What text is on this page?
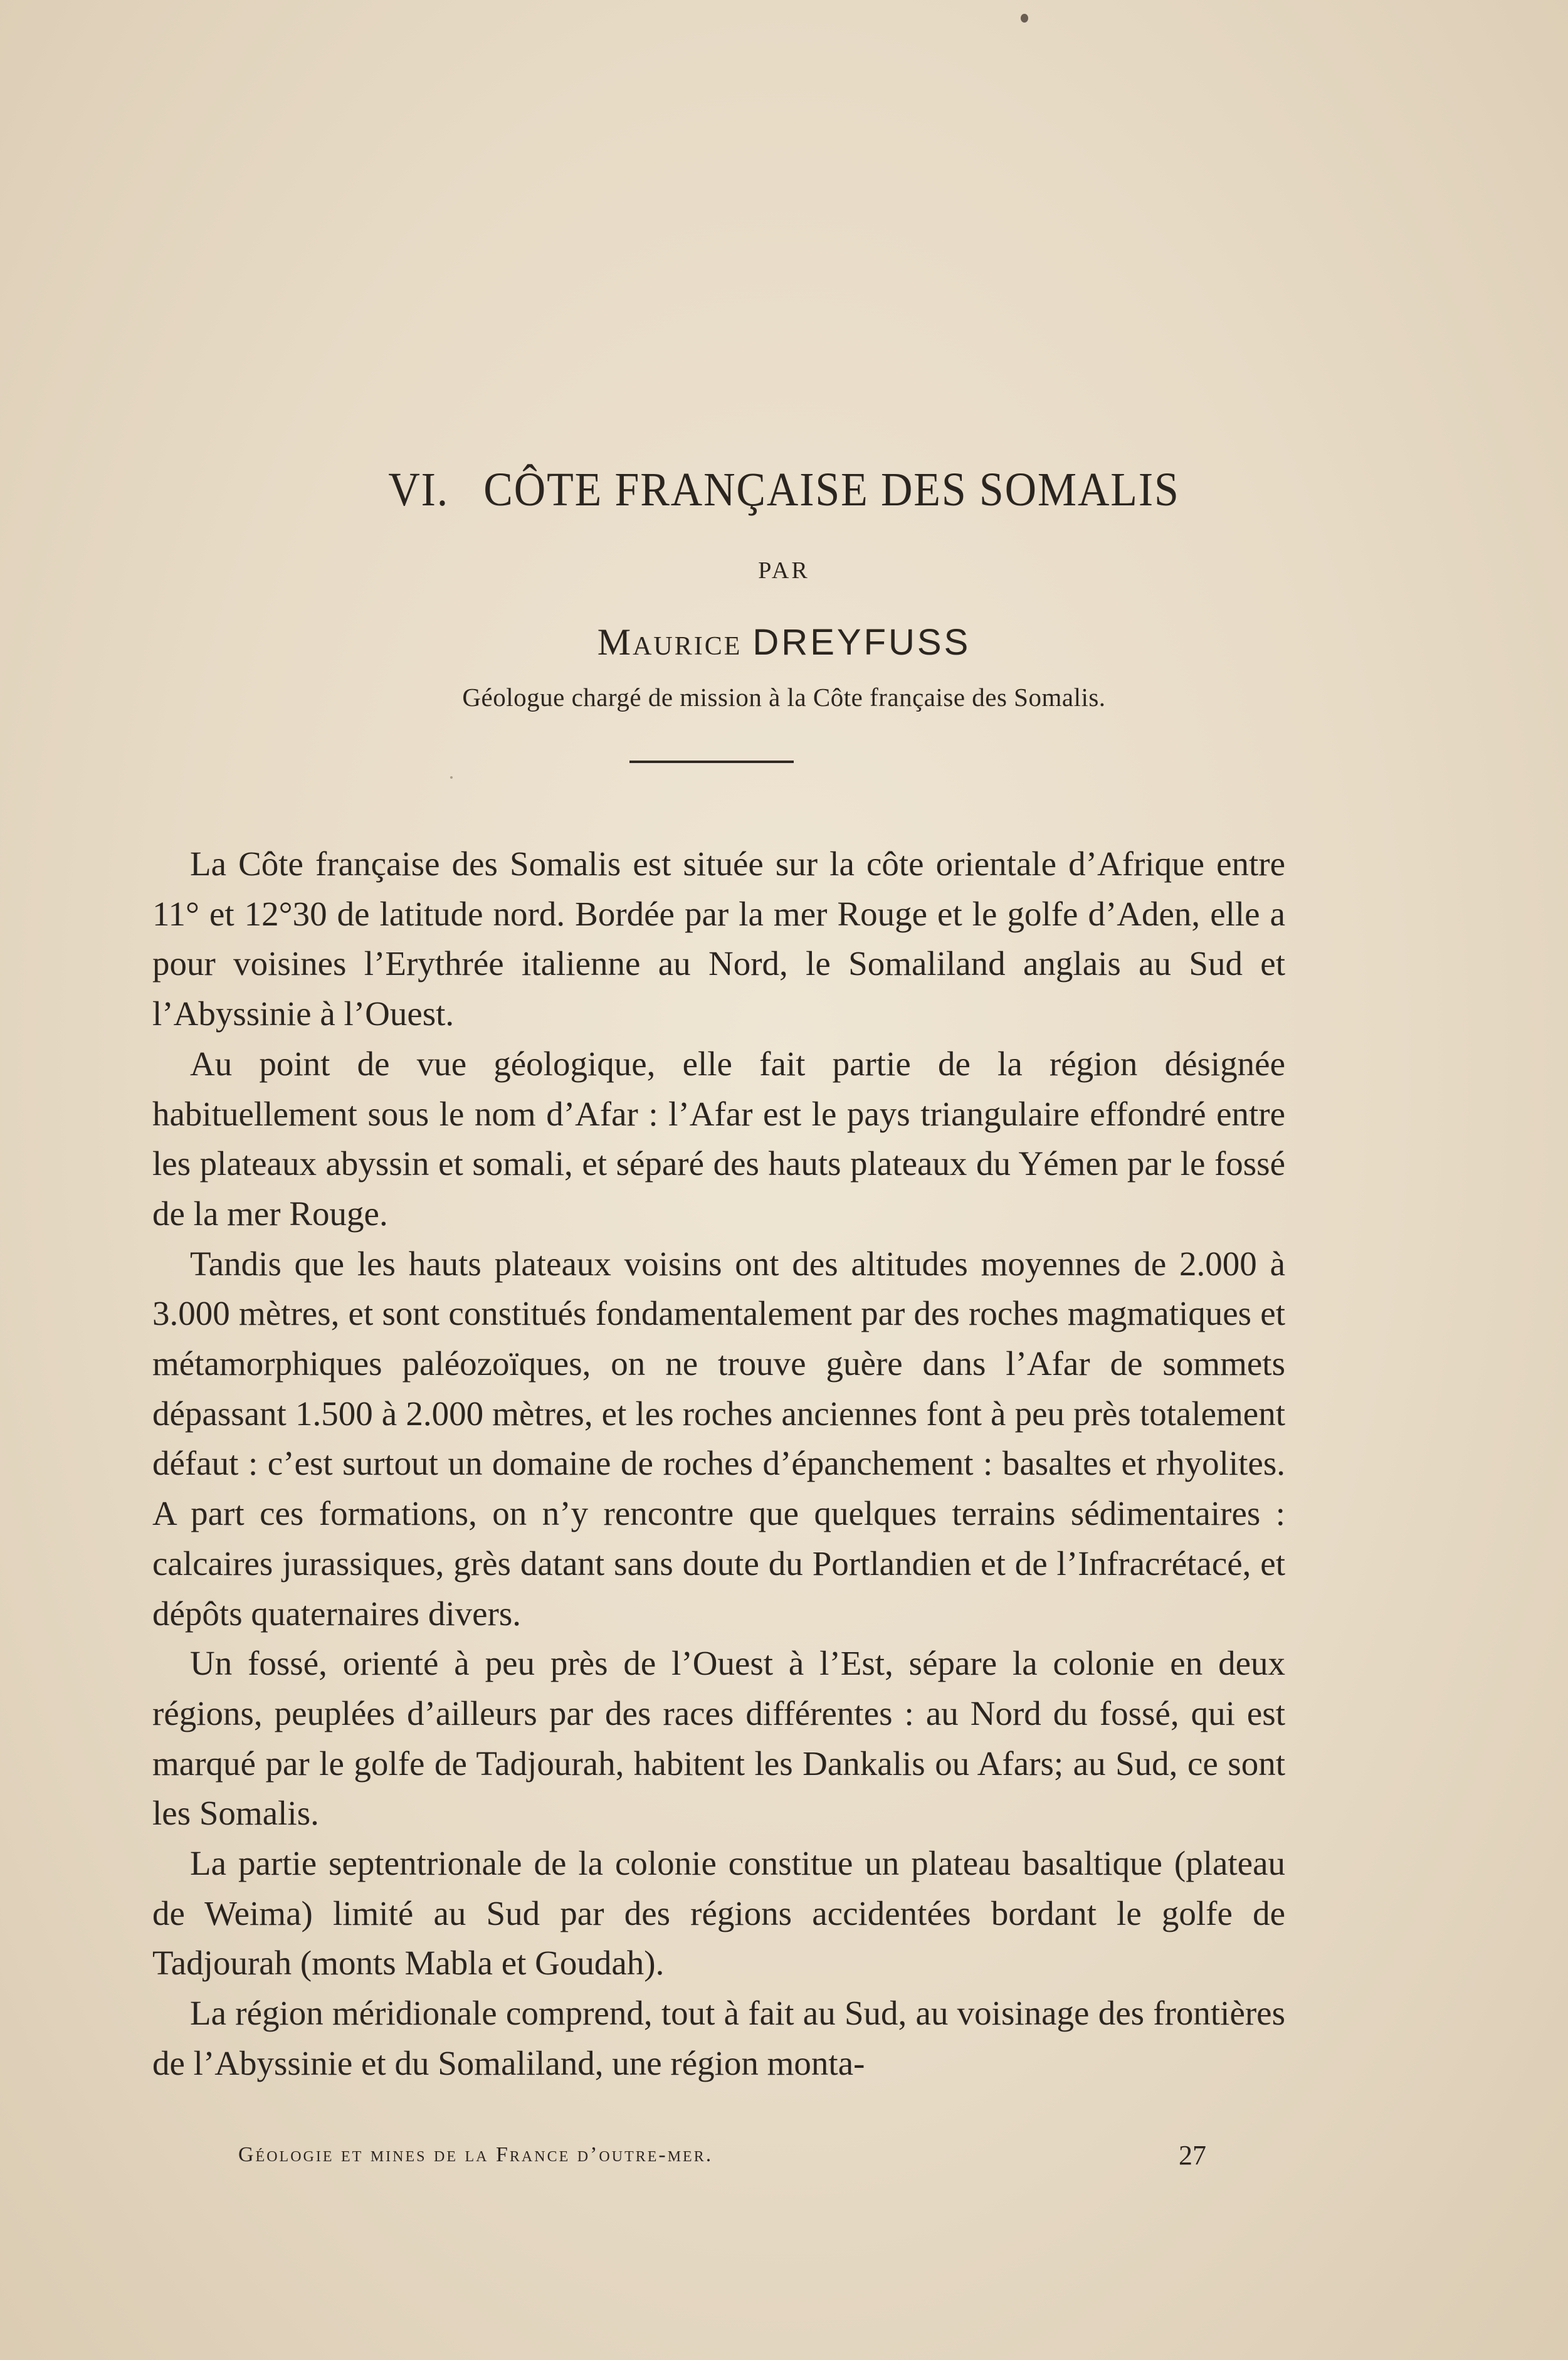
VI. CÔTE FRANÇAISE DES SOMALIS
PAR
Maurice DREYFUSS
Géologue chargé de mission à la Côte française des Somalis.

La Côte française des Somalis est située sur la côte orientale d’Afrique entre 11° et 12°30 de latitude nord. Bordée par la mer Rouge et le golfe d’Aden, elle a pour voisines l’Erythrée italienne au Nord, le Somaliland anglais au Sud et l’Abyssinie à l’Ouest.

Au point de vue géologique, elle fait partie de la région désignée habituellement sous le nom d’Afar : l’Afar est le pays triangulaire effondré entre les plateaux abyssin et somali, et séparé des hauts plateaux du Yémen par le fossé de la mer Rouge.

Tandis que les hauts plateaux voisins ont des altitudes moyennes de 2.000 à 3.000 mètres, et sont constitués fondamentalement par des roches magmatiques et métamorphiques paléozoïques, on ne trouve guère dans l’Afar de sommets dépassant 1.500 à 2.000 mètres, et les roches anciennes font à peu près totalement défaut : c’est surtout un domaine de roches d’épanchement : basaltes et rhyolites. A part ces formations, on n’y rencontre que quelques terrains sédimentaires : calcaires jurassiques, grès datant sans doute du Portlandien et de l’Infracrétacé, et dépôts quaternaires divers.

Un fossé, orienté à peu près de l’Ouest à l’Est, sépare la colonie en deux régions, peuplées d’ailleurs par des races différentes : au Nord du fossé, qui est marqué par le golfe de Tadjourah, habitent les Dankalis ou Afars; au Sud, ce sont les Somalis.

La partie septentrionale de la colonie constitue un plateau basaltique (plateau de Weima) limité au Sud par des régions accidentées bordant le golfe de Tadjourah (monts Mabla et Goudah).

La région méridionale comprend, tout à fait au Sud, au voisinage des frontières de l’Abyssinie et du Somaliland, une région monta-

Géologie et mines de la France d’outre-mer.	27
